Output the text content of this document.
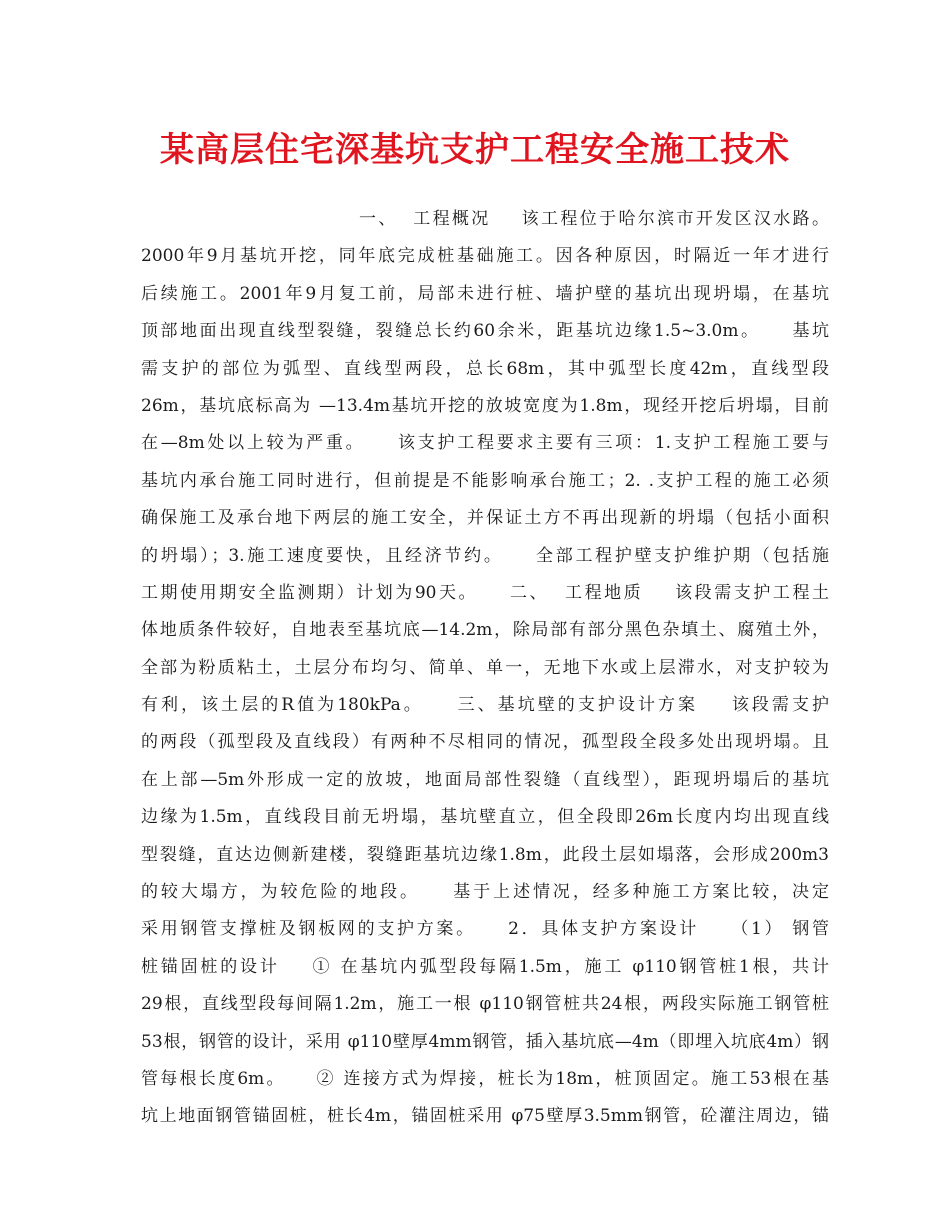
某高层住宅深基坑支护工程安全施工技术
一、  工程概况    该工程位于哈尔滨市开发区汉水路。
2000年9月基坑开挖，同年底完成桩基础施工。因各种原因，时隔近一年才进行
后续施工。2001年9月复工前，局部未进行桩、墙护壁的基坑出现坍塌，在基坑
顶部地面出现直线型裂缝，裂缝总长约60余米，距基坑边缘1.5~3.0m。    基坑
需支护的部位为弧型、直线型两段，总长68m，其中弧型长度42m，直线型段
26m，基坑底标高为 —13.4m基坑开挖的放坡宽度为1.8m，现经开挖后坍塌，目前
在—8m处以上较为严重。    该支护工程要求主要有三项：1.支护工程施工要与
基坑内承台施工同时进行，但前提是不能影响承台施工；2. .支护工程的施工必须
确保施工及承台地下两层的施工安全，并保证土方不再出现新的坍塌（包括小面积
的坍塌）；3.施工速度要快，且经济节约。    全部工程护壁支护维护期（包括施
工期使用期安全监测期）计划为90天。    二、  工程地质    该段需支护工程土
体地质条件较好，自地表至基坑底—14.2m，除局部有部分黑色杂填土、腐殖土外，
全部为粉质粘土，土层分布均匀、简单、单一，无地下水或上层滞水，对支护较为
有利，该土层的R值为180kPa。    三、基坑壁的支护设计方案    该段需支护
的两段（孤型段及直线段）有两种不尽相同的情况，孤型段全段多处出现坍塌。且
在上部—5m外形成一定的放坡，地面局部性裂缝（直线型），距现坍塌后的基坑
边缘为1.5m，直线段目前无坍塌，基坑壁直立，但全段即26m长度内均出现直线
型裂缝，直达边侧新建楼，裂缝距基坑边缘1.8m，此段土层如塌落，会形成200m3
的较大塌方，为较危险的地段。    基于上述情况，经多种施工方案比较，决定
采用钢管支撑桩及钢板网的支护方案。    2．具体支护方案设计    （1） 钢管
桩锚固桩的设计    ① 在基坑内弧型段每隔1.5m，施工 φ110钢管桩1根，共计
29根，直线型段每间隔1.2m，施工一根 φ110钢管桩共24根，两段实际施工钢管桩
53根，钢管的设计，采用 φ110壁厚4mm钢管，插入基坑底—4m（即埋入坑底4m）钢
管每根长度6m。    ② 连接方式为焊接，桩长为18m，桩顶固定。施工53根在基
坑上地面钢管锚固桩，桩长4m，锚固桩采用 φ75壁厚3.5mm钢管，砼灌注周边，锚
